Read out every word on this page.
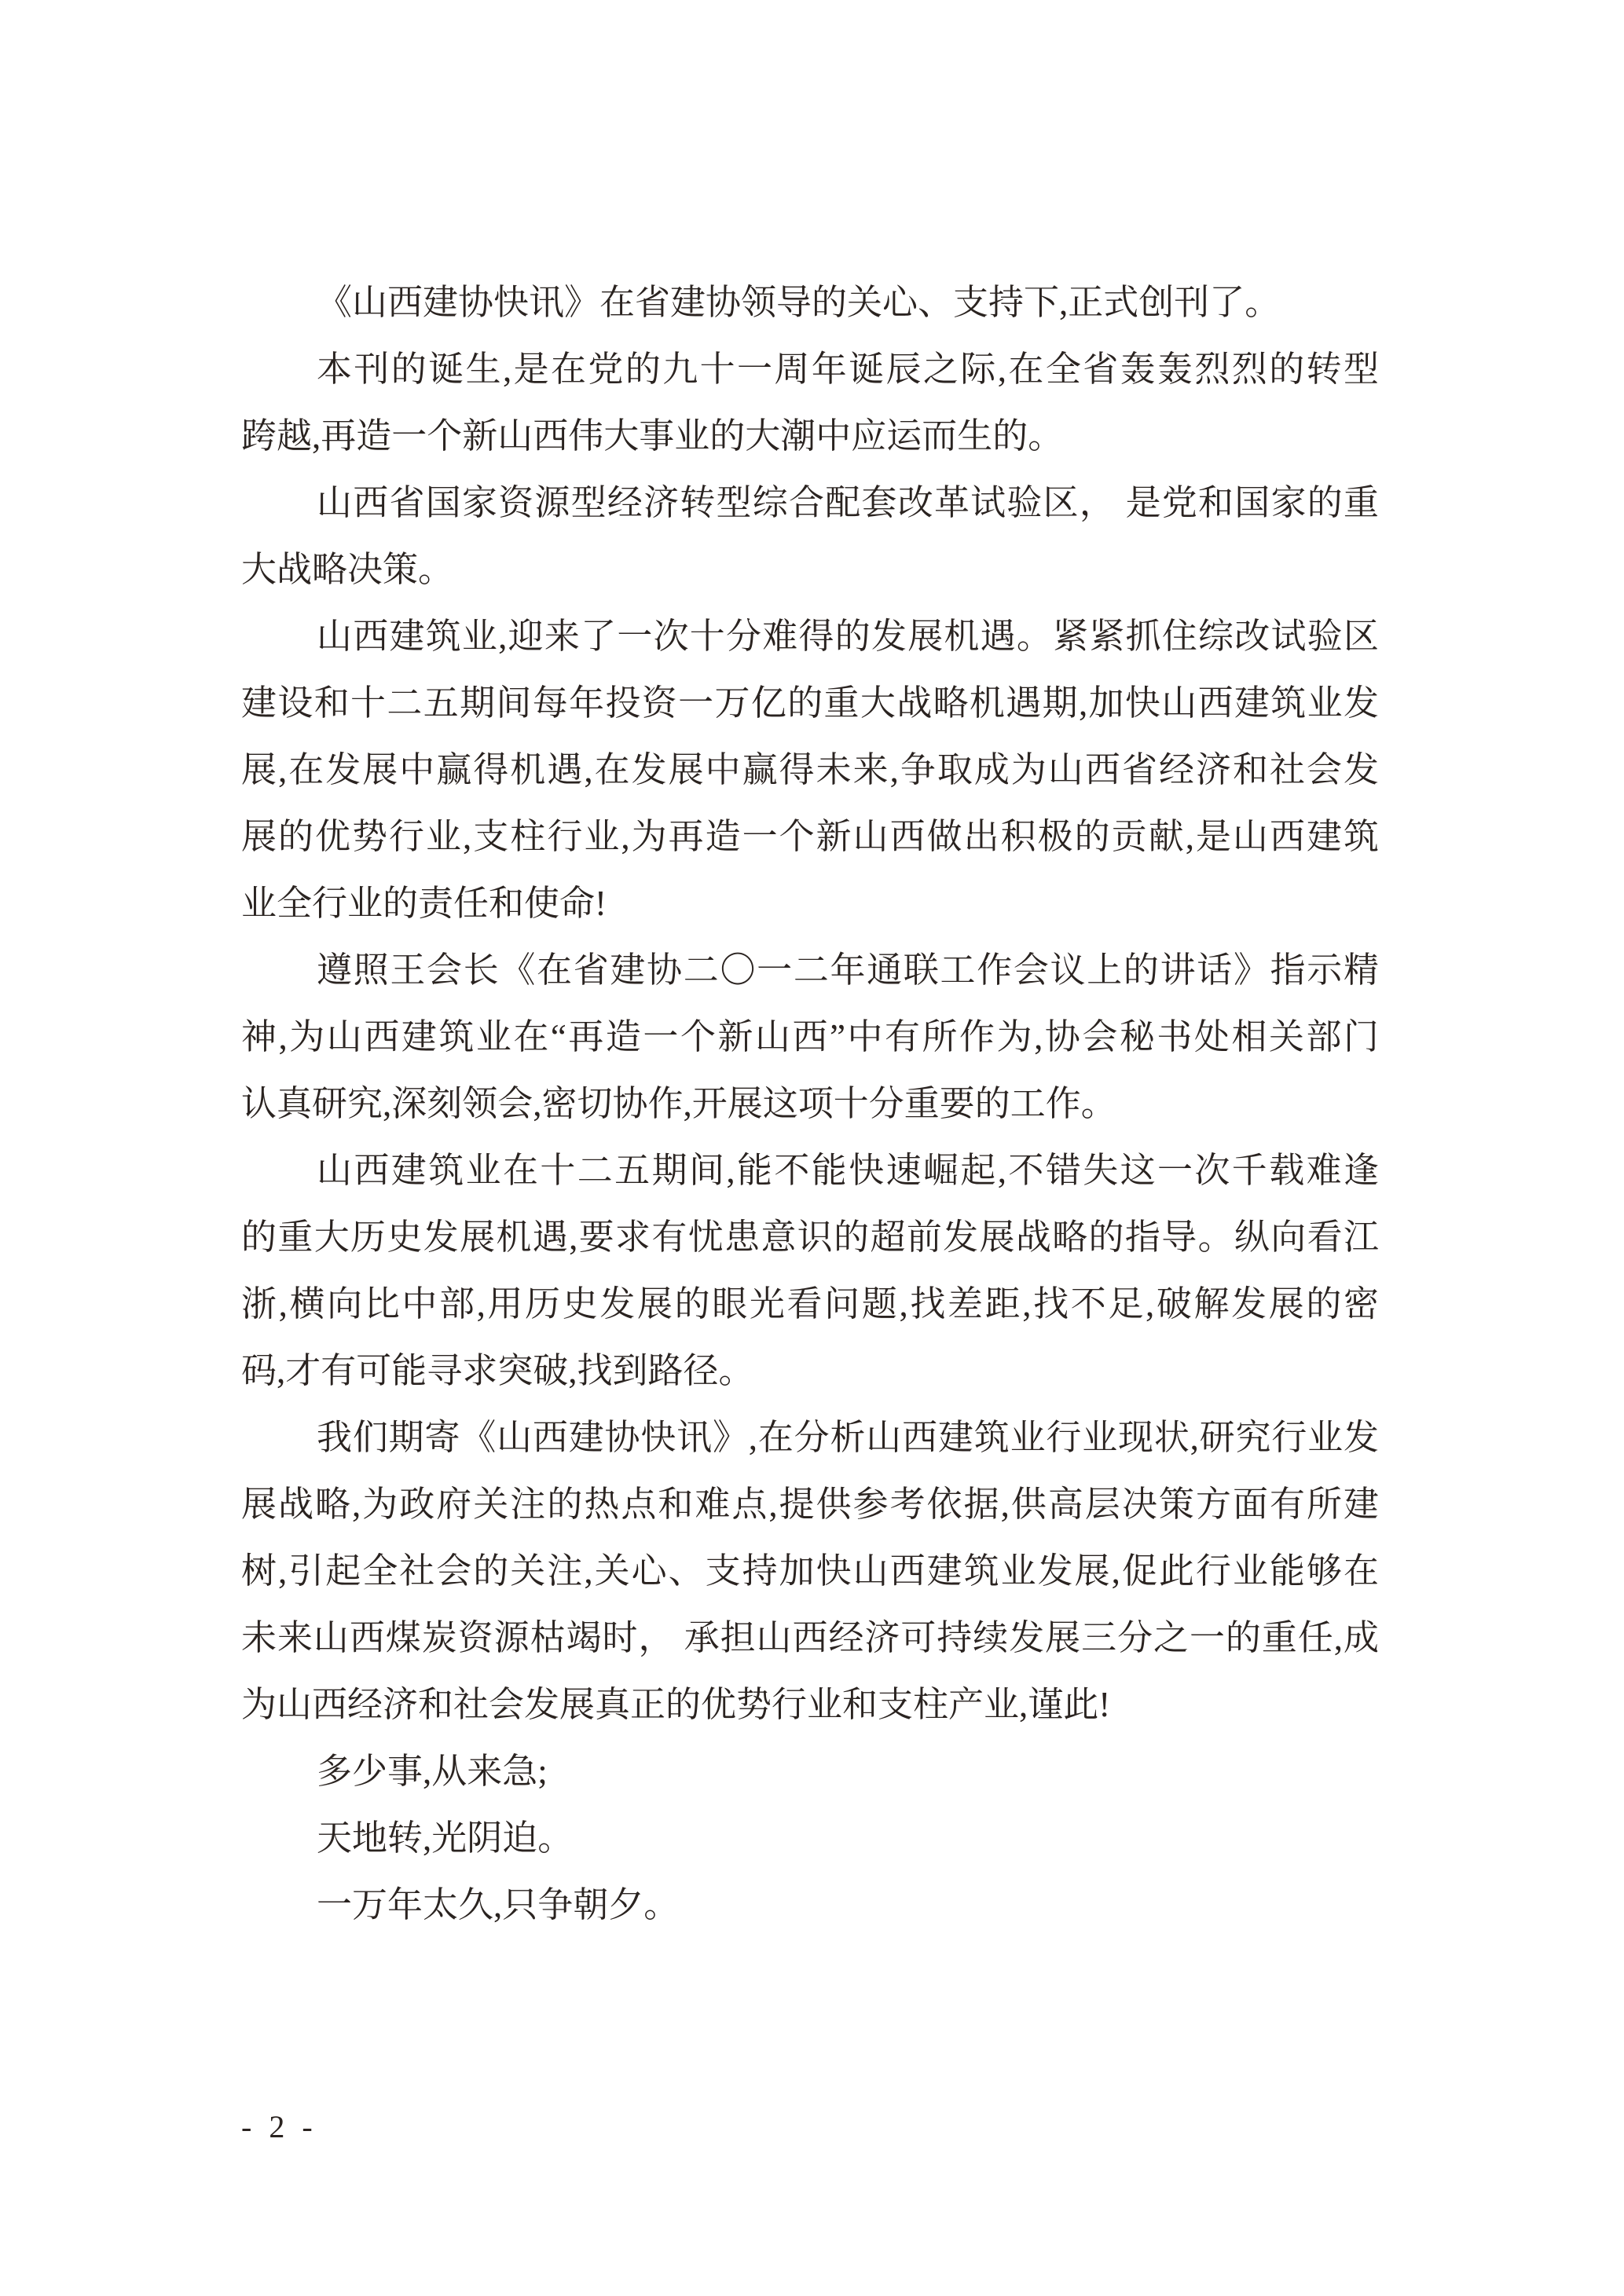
《山西建协快讯》在省建协领导的关心、支持下,正式创刊了。
本刊的诞生,是在党的九十一周年诞辰之际,在全省轰轰烈烈的转型
跨越,再造一个新山西伟大事业的大潮中应运而生的。
山西省国家资源型经济转型综合配套改革试验区， 是党和国家的重
大战略决策。
山西建筑业,迎来了一次十分难得的发展机遇。紧紧抓住综改试验区
建设和十二五期间每年投资一万亿的重大战略机遇期,加快山西建筑业发
展,在发展中赢得机遇,在发展中赢得未来,争取成为山西省经济和社会发
展的优势行业,支柱行业,为再造一个新山西做出积极的贡献,是山西建筑
业全行业的责任和使命!
遵照王会长《在省建协二〇一二年通联工作会议上的讲话》指示精
神,为山西建筑业在“再造一个新山西”中有所作为,协会秘书处相关部门
认真研究,深刻领会,密切协作,开展这项十分重要的工作。
山西建筑业在十二五期间,能不能快速崛起,不错失这一次千载难逢
的重大历史发展机遇,要求有忧患意识的超前发展战略的指导。纵向看江
浙,横向比中部,用历史发展的眼光看问题,找差距,找不足,破解发展的密
码,才有可能寻求突破,找到路径。
我们期寄《山西建协快讯》,在分析山西建筑业行业现状,研究行业发
展战略,为政府关注的热点和难点,提供参考依据,供高层决策方面有所建
树,引起全社会的关注,关心、支持加快山西建筑业发展,促此行业能够在
未来山西煤炭资源枯竭时， 承担山西经济可持续发展三分之一的重任,成
为山西经济和社会发展真正的优势行业和支柱产业,谨此!
多少事,从来急;
天地转,光阴迫。
一万年太久,只争朝夕。
- 2 -
